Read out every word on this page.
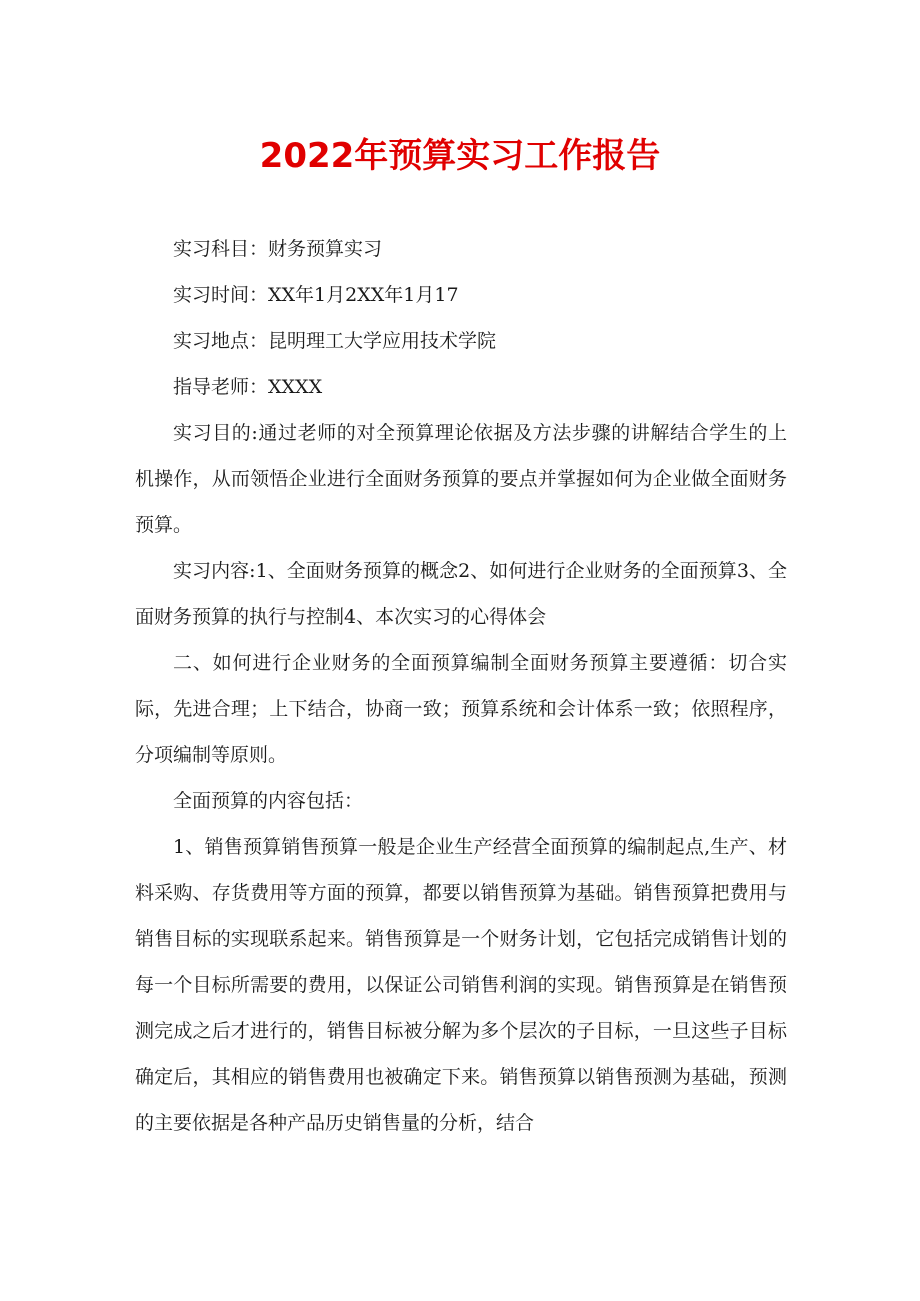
2022年预算实习工作报告

实习科目：财务预算实习

实习时间：XX年1月2XX年1月17

实习地点：昆明理工大学应用技术学院

指导老师：XXXX

实习目的:通过老师的对全预算理论依据及方法步骤的讲解结合学生的上机操作，从而领悟企业进行全面财务预算的要点并掌握如何为企业做全面财务预算。

实习内容:1、全面财务预算的概念2、如何进行企业财务的全面预算3、全面财务预算的执行与控制4、本次实习的心得体会

二、如何进行企业财务的全面预算编制全面财务预算主要遵循：切合实际，先进合理；上下结合，协商一致；预算系统和会计体系一致；依照程序，分项编制等原则。

全面预算的内容包括：

1、销售预算销售预算一般是企业生产经营全面预算的编制起点,生产、材料采购、存货费用等方面的预算，都要以销售预算为基础。销售预算把费用与销售目标的实现联系起来。销售预算是一个财务计划，它包括完成销售计划的每一个目标所需要的费用，以保证公司销售利润的实现。销售预算是在销售预测完成之后才进行的，销售目标被分解为多个层次的子目标，一旦这些子目标确定后，其相应的销售费用也被确定下来。销售预算以销售预测为基础，预测的主要依据是各种产品历史销售量的分析，结合
